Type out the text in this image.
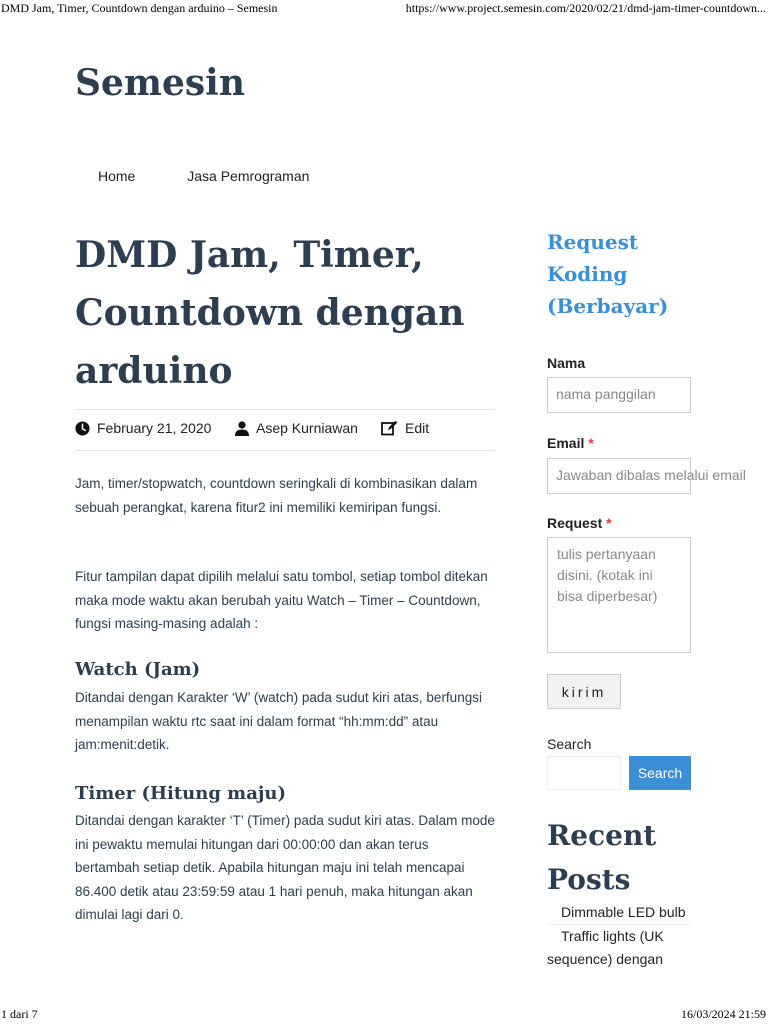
DMD Jam, Timer, Countdown dengan arduino – Semesin	https://www.project.semesin.com/2020/02/21/dmd-jam-timer-countdown...
Semesin
Home	Jasa Pemrograman
DMD Jam, Timer, Countdown dengan arduino
February 21, 2020	Asep Kurniawan	Edit

Jam, timer/stopwatch, countdown seringkali di kombinasikan dalam sebuah perangkat, karena fitur2 ini memiliki kemiripan fungsi.

Fitur tampilan dapat dipilih melalui satu tombol, setiap tombol ditekan maka mode waktu akan berubah yaitu Watch – Timer – Countdown, fungsi masing-masing adalah :

Watch (Jam)

Ditandai dengan Karakter ‘W’ (watch) pada sudut kiri atas, berfungsi menampilan waktu rtc saat ini dalam format “hh:mm:dd” atau jam:menit:detik.

Timer (Hitung maju)

Ditandai dengan karakter ‘T’ (Timer) pada sudut kiri atas. Dalam mode ini pewaktu memulai hitungan dari 00:00:00 dan akan terus bertambah setiap detik. Apabila hitungan maju ini telah mencapai 86.400 detik atau 23:59:59 atau 1 hari penuh, maka hitungan akan dimulai lagi dari 0.

Request Koding (Berbayar)
Nama
nama panggilan
Email *
Jawaban dibalas melalui email
Request *
tulis pertanyaan disini. (kotak ini bisa diperbesar)
kirim
Search
Search
Recent Posts
Dimmable LED bulb
Traffic lights (UK sequence) dengan
1 dari 7	16/03/2024 21:59
